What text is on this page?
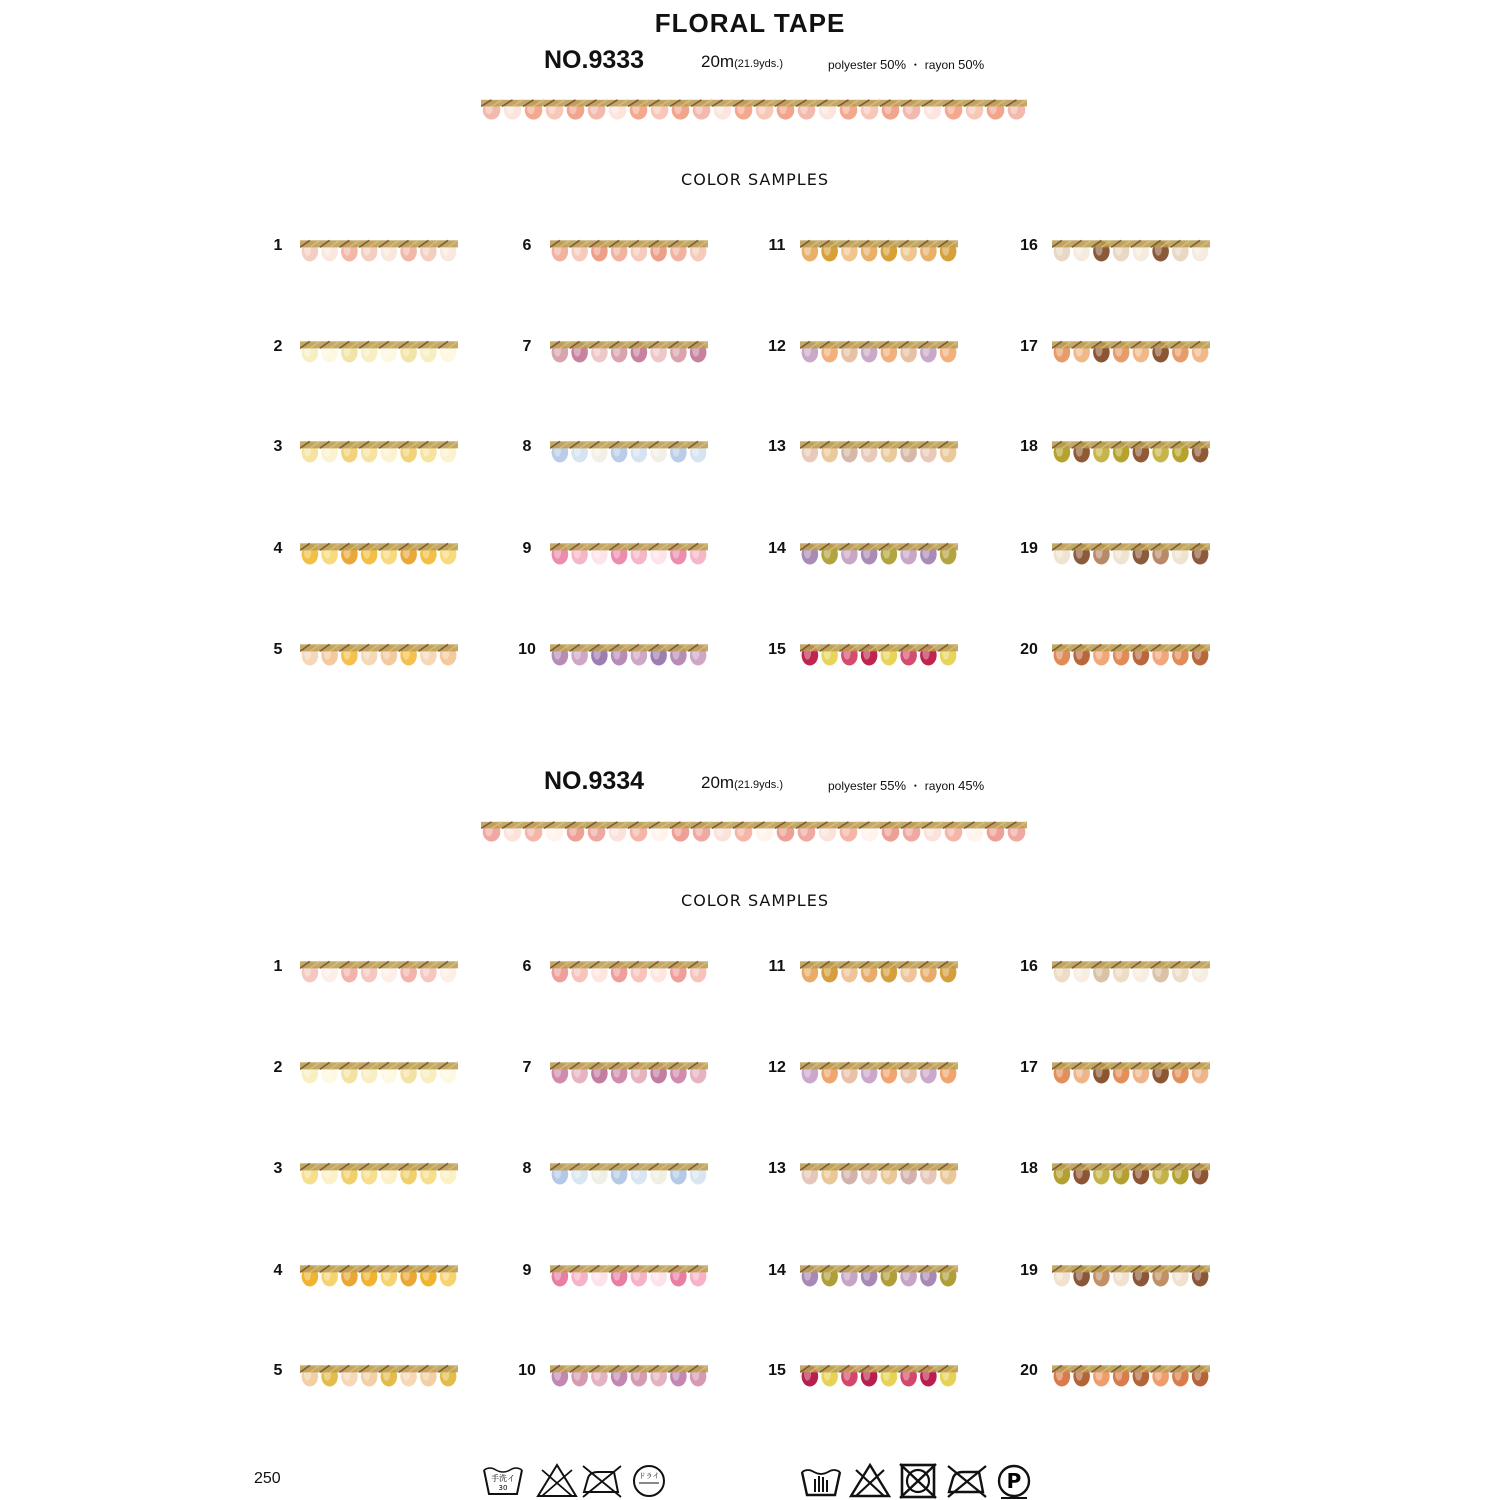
FLORAL TAPE
NO.9333	20m(21.9yds.)	polyester 50% ・ rayon 50%
COLOR SAMPLES
1
2
3
4
5
6
7
8
9
10
11
12
13
14
15
16
17
18
19
20
NO.9334	20m(21.9yds.)	polyester 55% ・ rayon 45%
COLOR SAMPLES
1
2
3
4
5
6
7
8
9
10
11
12
13
14
15
16
17
18
19
20
250	手洗イ
30
ドライ	P
